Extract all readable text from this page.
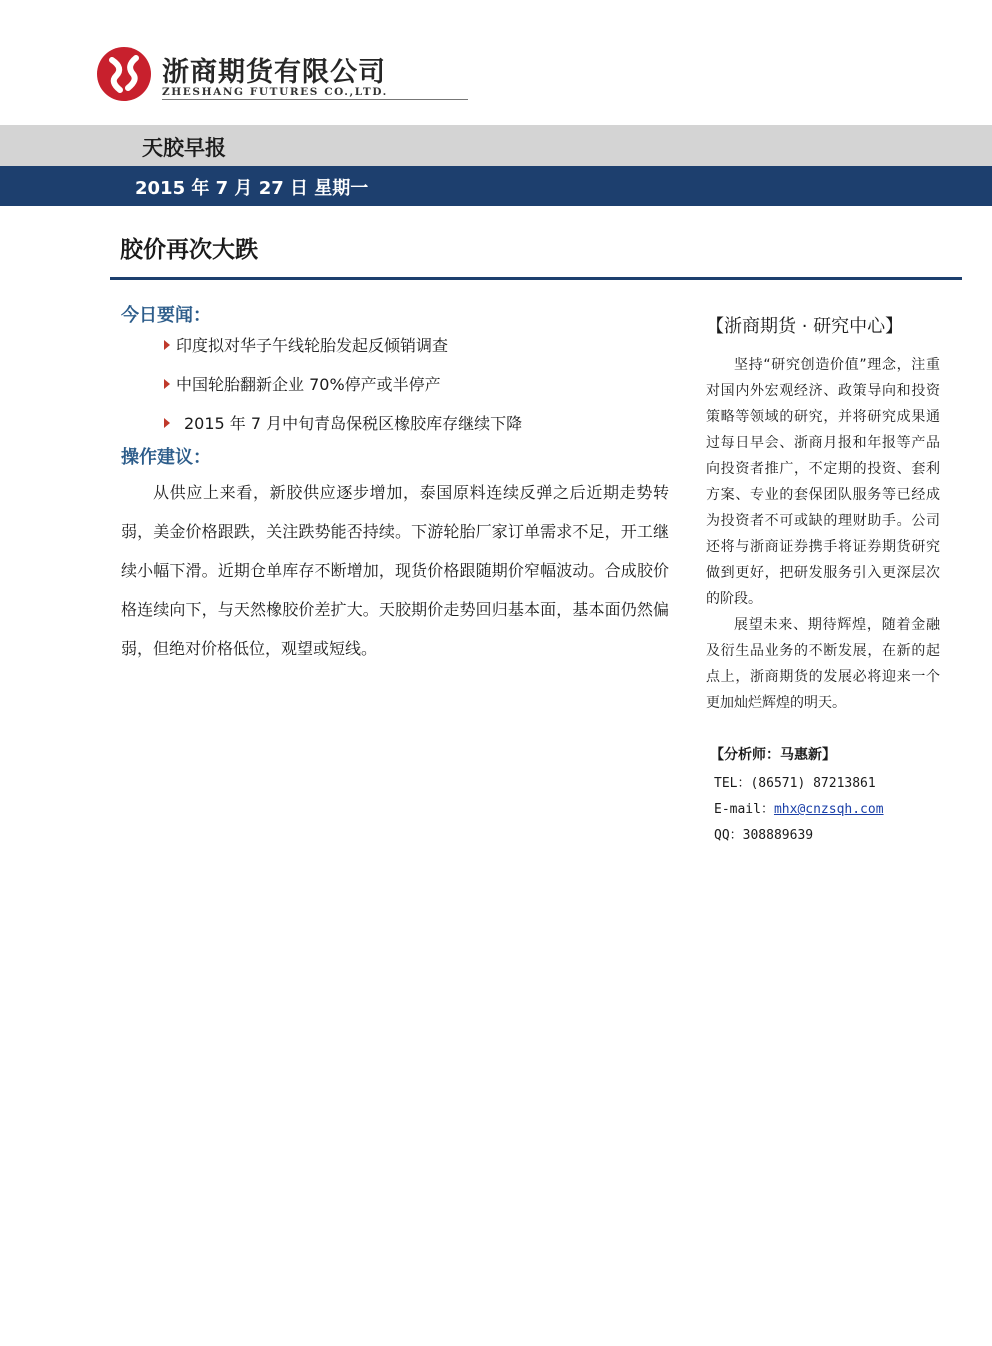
浙商期货有限公司
ZHESHANG FUTURES CO.,LTD.
天胶早报
2015 年 7 月 27 日 星期一
胶价再次大跌
今日要闻：
印度拟对华子午线轮胎发起反倾销调查
中国轮胎翻新企业 70%停产或半停产
2015 年 7 月中旬青岛保税区橡胶库存继续下降
操作建议：

从供应上来看，新胶供应逐步增加，泰国原料连续反弹之后近期走势转弱，美金价格跟跌，关注跌势能否持续。下游轮胎厂家订单需求不足，开工继续小幅下滑。近期仓单库存不断增加，现货价格跟随期价窄幅波动。合成胶价格连续向下，与天然橡胶价差扩大。天胶期价走势回归基本面，基本面仍然偏弱，但绝对价格低位，观望或短线。

【浙商期货 · 研究中心】

坚持“研究创造价值”理念，注重对国内外宏观经济、政策导向和投资策略等领域的研究，并将研究成果通过每日早会、浙商月报和年报等产品向投资者推广，不定期的投资、套利方案、专业的套保团队服务等已经成为投资者不可或缺的理财助手。公司还将与浙商证券携手将证券期货研究做到更好，把研发服务引入更深层次的阶段。

展望未来、期待辉煌，随着金融及衍生品业务的不断发展，在新的起点上，浙商期货的发展必将迎来一个更加灿烂辉煌的明天。

【分析师：马惠新】
TEL：(86571) 87213861
E-mail：mhx@cnzsqh.com
QQ：308889639
